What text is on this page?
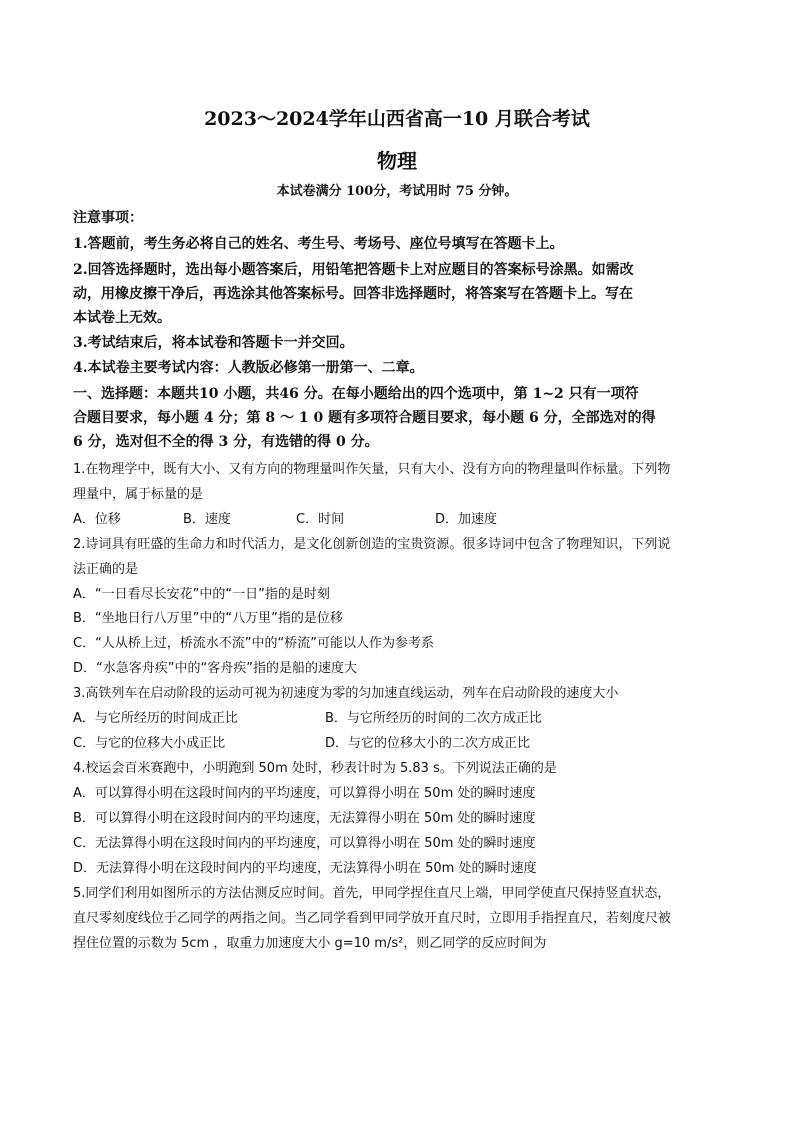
2023～2024学年山西省高一10 月联合考试
物理
本试卷满分 100分，考试用时 75 分钟。
注意事项：
1.答题前，考生务必将自己的姓名、考生号、考场号、座位号填写在答题卡上。
2.回答选择题时，选出每小题答案后，用铅笔把答题卡上对应题目的答案标号涂黑。如需改
动，用橡皮擦干净后，再选涂其他答案标号。回答非选择题时，将答案写在答题卡上。写在
本试卷上无效。
3.考试结束后，将本试卷和答题卡一并交回。
4.本试卷主要考试内容：人教版必修第一册第一、二章。
一、选择题：本题共10 小题，共46 分。在每小题给出的四个选项中，第 1~2 只有一项符
合题目要求，每小题 4 分；第 8 ～ 1 0 题有多项符合题目要求，每小题 6 分，全部选对的得
6 分，选对但不全的得 3 分，有选错的得 0 分。
1.在物理学中，既有大小、又有方向的物理量叫作矢量，只有大小、没有方向的物理量叫作标量。下列物
理量中，属于标量的是
A．位移	B．速度	C．时间	D．加速度
2.诗词具有旺盛的生命力和时代活力，是文化创新创造的宝贵资源。很多诗词中包含了物理知识，下列说
法正确的是
A．“一日看尽长安花”中的“一日”指的是时刻
B．“坐地日行八万里”中的“八万里”指的是位移
C．“人从桥上过，桥流水不流”中的“桥流”可能以人作为参考系
D．“水急客舟疾”中的“客舟疾”指的是船的速度大
3.高铁列车在启动阶段的运动可视为初速度为零的匀加速直线运动，列车在启动阶段的速度大小
A．与它所经历的时间成正比	B．与它所经历的时间的二次方成正比
C．与它的位移大小成正比	D．与它的位移大小的二次方成正比
4.校运会百米赛跑中，小明跑到 50m 处时，秒表计时为 5.83 s。下列说法正确的是
A．可以算得小明在这段时间内的平均速度，可以算得小明在 50m 处的瞬时速度
B．可以算得小明在这段时间内的平均速度，无法算得小明在 50m 处的瞬时速度
C．无法算得小明在这段时间内的平均速度，可以算得小明在 50m 处的瞬时速度
D．无法算得小明在这段时间内的平均速度，无法算得小明在 50m 处的瞬时速度
5.同学们利用如图所示的方法估测反应时间。首先，甲同学捏住直尺上端，甲同学使直尺保持竖直状态，
直尺零刻度线位于乙同学的两指之间。当乙同学看到甲同学放开直尺时，立即用手指捏直尺，若刻度尺被
捏住位置的示数为 5cm ，取重力加速度大小 g=10 m/s²，则乙同学的反应时间为
